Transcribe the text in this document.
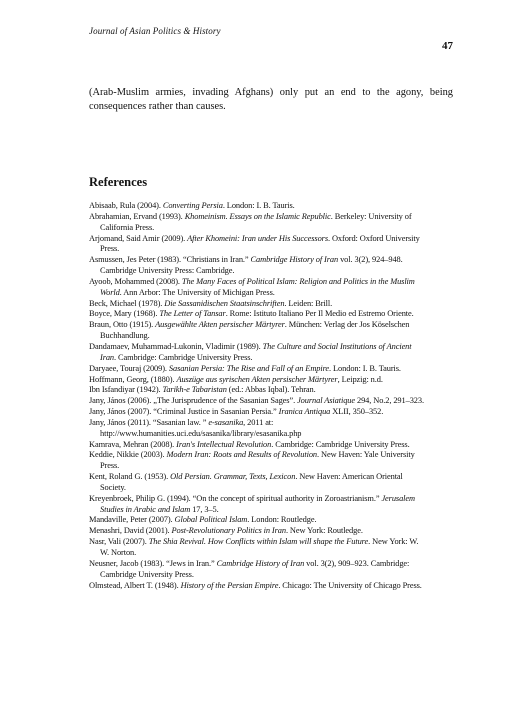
Journal of Asian Politics & History
47

(Arab-Muslim armies, invading Afghans) only put an end to the agony, being consequences rather than causes.

References
Abisaab, Rula (2004). Converting Persia. London: I. B. Tauris.
Abrahamian, Ervand (1993). Khomeinism. Essays on the Islamic Republic. Berkeley: University of California Press.
Arjomand, Said Amir (2009). After Khomeini: Iran under His Successors. Oxford: Oxford University Press.
Asmussen, Jes Peter (1983). “Christians in Iran.” Cambridge History of Iran vol. 3(2), 924–948. Cambridge University Press: Cambridge.
Ayoob, Mohammed (2008). The Many Faces of Political Islam: Religion and Politics in the Muslim World. Ann Arbor: The University of Michigan Press.
Beck, Michael (1978). Die Sassanidischen Staatsinschriften. Leiden: Brill.
Boyce, Mary (1968). The Letter of Tansar. Rome: Istituto Italiano Per Il Medio ed Estremo Oriente.
Braun, Otto (1915). Ausgewählte Akten persischer Märtyrer. München: Verlag der Jos Köselschen Buchhandlung.
Dandamaev, Muhammad-Lukonin, Vladimir (1989). The Culture and Social Institutions of Ancient Iran. Cambridge: Cambridge University Press.
Daryaee, Touraj (2009). Sasanian Persia: The Rise and Fall of an Empire. London: I. B. Tauris.
Hoffmann, Georg, (1880). Auszüge aus syrischen Akten persischer Märtyrer, Leipzig: n.d.
Ibn Isfandiyar (1942). Tarikh-e Tabaristan (ed.: Abbas Iqbal). Tehran.
Jany, János (2006). „The Jurisprudence of the Sasanian Sages”. Journal Asiatique 294, No.2, 291–323.
Jany, János (2007). “Criminal Justice in Sasanian Persia.” Iranica Antiqua XLII, 350–352.
Jany, János (2011). “Sasanian law. ” e-sasanika, 2011 at: http://www.humanities.uci.edu/sasanika/library/esasanika.php
Kamrava, Mehran (2008). Iran's Intellectual Revolution. Cambridge: Cambridge University Press.
Keddie, Nikkie (2003). Modern Iran: Roots and Results of Revolution. New Haven: Yale University Press.
Kent, Roland G. (1953). Old Persian. Grammar, Texts, Lexicon. New Haven: American Oriental Society.
Kreyenbroek, Philip G. (1994). “On the concept of spiritual authority in Zoroastrianism.” Jerusalem Studies in Arabic and Islam 17, 3–5.
Mandaville, Peter (2007). Global Political Islam. London: Routledge.
Menashri, David (2001). Post-Revolutionary Politics in Iran. New York: Routledge.
Nasr, Vali (2007). The Shia Revival. How Conflicts within Islam will shape the Future. New York: W. W. Norton.
Neusner, Jacob (1983). “Jews in Iran.” Cambridge History of Iran vol. 3(2), 909–923. Cambridge: Cambridge University Press.
Olmstead, Albert T. (1948). History of the Persian Empire. Chicago: The University of Chicago Press.
